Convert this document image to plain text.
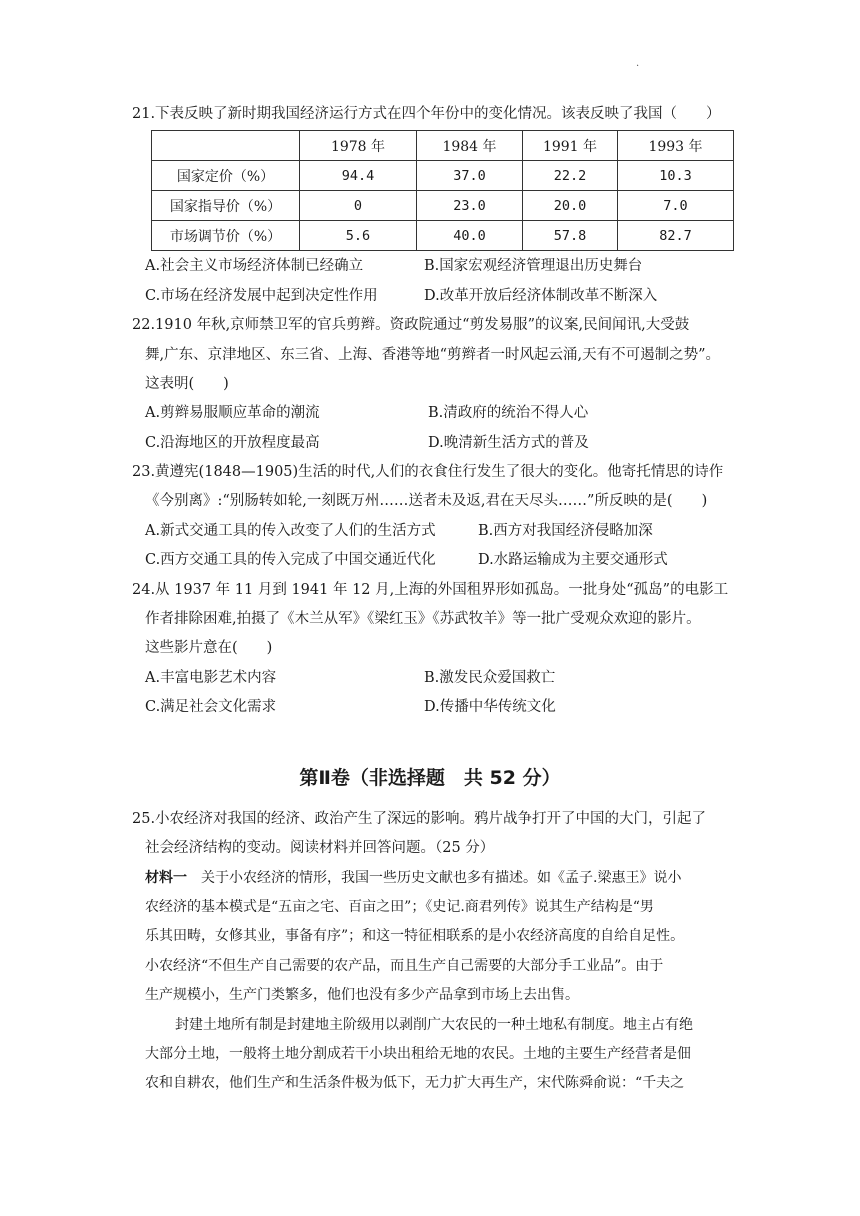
.
21.下表反映了新时期我国经济运行方式在四个年份中的变化情况。该表反映了我国（　　）
	1978 年	1984 年	1991 年	1993 年
国家定价（%）	94.4	37.0	22.2	10.3
国家指导价（%）	0	23.0	20.0	7.0
市场调节价（%）	5.6	40.0	57.8	82.7
A.社会主义市场经济体制已经确立	B.国家宏观经济管理退出历史舞台
C.市场在经济发展中起到决定性作用	D.改革开放后经济体制改革不断深入
22.1910 年秋,京师禁卫军的官兵剪辫。资政院通过“剪发易服”的议案,民间闻讯,大受鼓
舞,广东、京津地区、东三省、上海、香港等地“剪辫者一时风起云涌,天有不可遏制之势”。
这表明(　　)
A.剪辫易服顺应革命的潮流	B.清政府的统治不得人心
C.沿海地区的开放程度最高	D.晚清新生活方式的普及
23.黄遵宪(1848—1905)生活的时代,人们的衣食住行发生了很大的变化。他寄托情思的诗作
《今别离》:“别肠转如轮,一刻既万州……送者未及返,君在天尽头……”所反映的是(　　)
A.新式交通工具的传入改变了人们的生活方式	B.西方对我国经济侵略加深
C.西方交通工具的传入完成了中国交通近代化	D.水路运输成为主要交通形式
24.从 1937 年 11 月到 1941 年 12 月,上海的外国租界形如孤岛。一批身处“孤岛”的电影工
作者排除困难,拍摄了《木兰从军》《梁红玉》《苏武牧羊》等一批广受观众欢迎的影片。
这些影片意在(　　)
A.丰富电影艺术内容	B.激发民众爱国救亡
C.满足社会文化需求	D.传播中华传统文化
第Ⅱ卷（非选择题　共 52 分）
25.小农经济对我国的经济、政治产生了深远的影响。鸦片战争打开了中国的大门，引起了
社会经济结构的变动。阅读材料并回答问题。（25 分）
材料一　关于小农经济的情形，我国一些历史文献也多有描述。如《孟子.梁惠王》说小
农经济的基本模式是“五亩之宅、百亩之田”；《史记.商君列传》说其生产结构是“男
乐其田畴，女修其业，事备有序”；和这一特征相联系的是小农经济高度的自给自足性。
小农经济“不但生产自己需要的农产品，而且生产自己需要的大部分手工业品”。由于
生产规模小，生产门类繁多，他们也没有多少产品拿到市场上去出售。
封建土地所有制是封建地主阶级用以剥削广大农民的一种土地私有制度。地主占有绝
大部分土地，一般将土地分割成若干小块出租给无地的农民。土地的主要生产经营者是佃
农和自耕农，他们生产和生活条件极为低下，无力扩大再生产，宋代陈舜俞说：“千夫之
